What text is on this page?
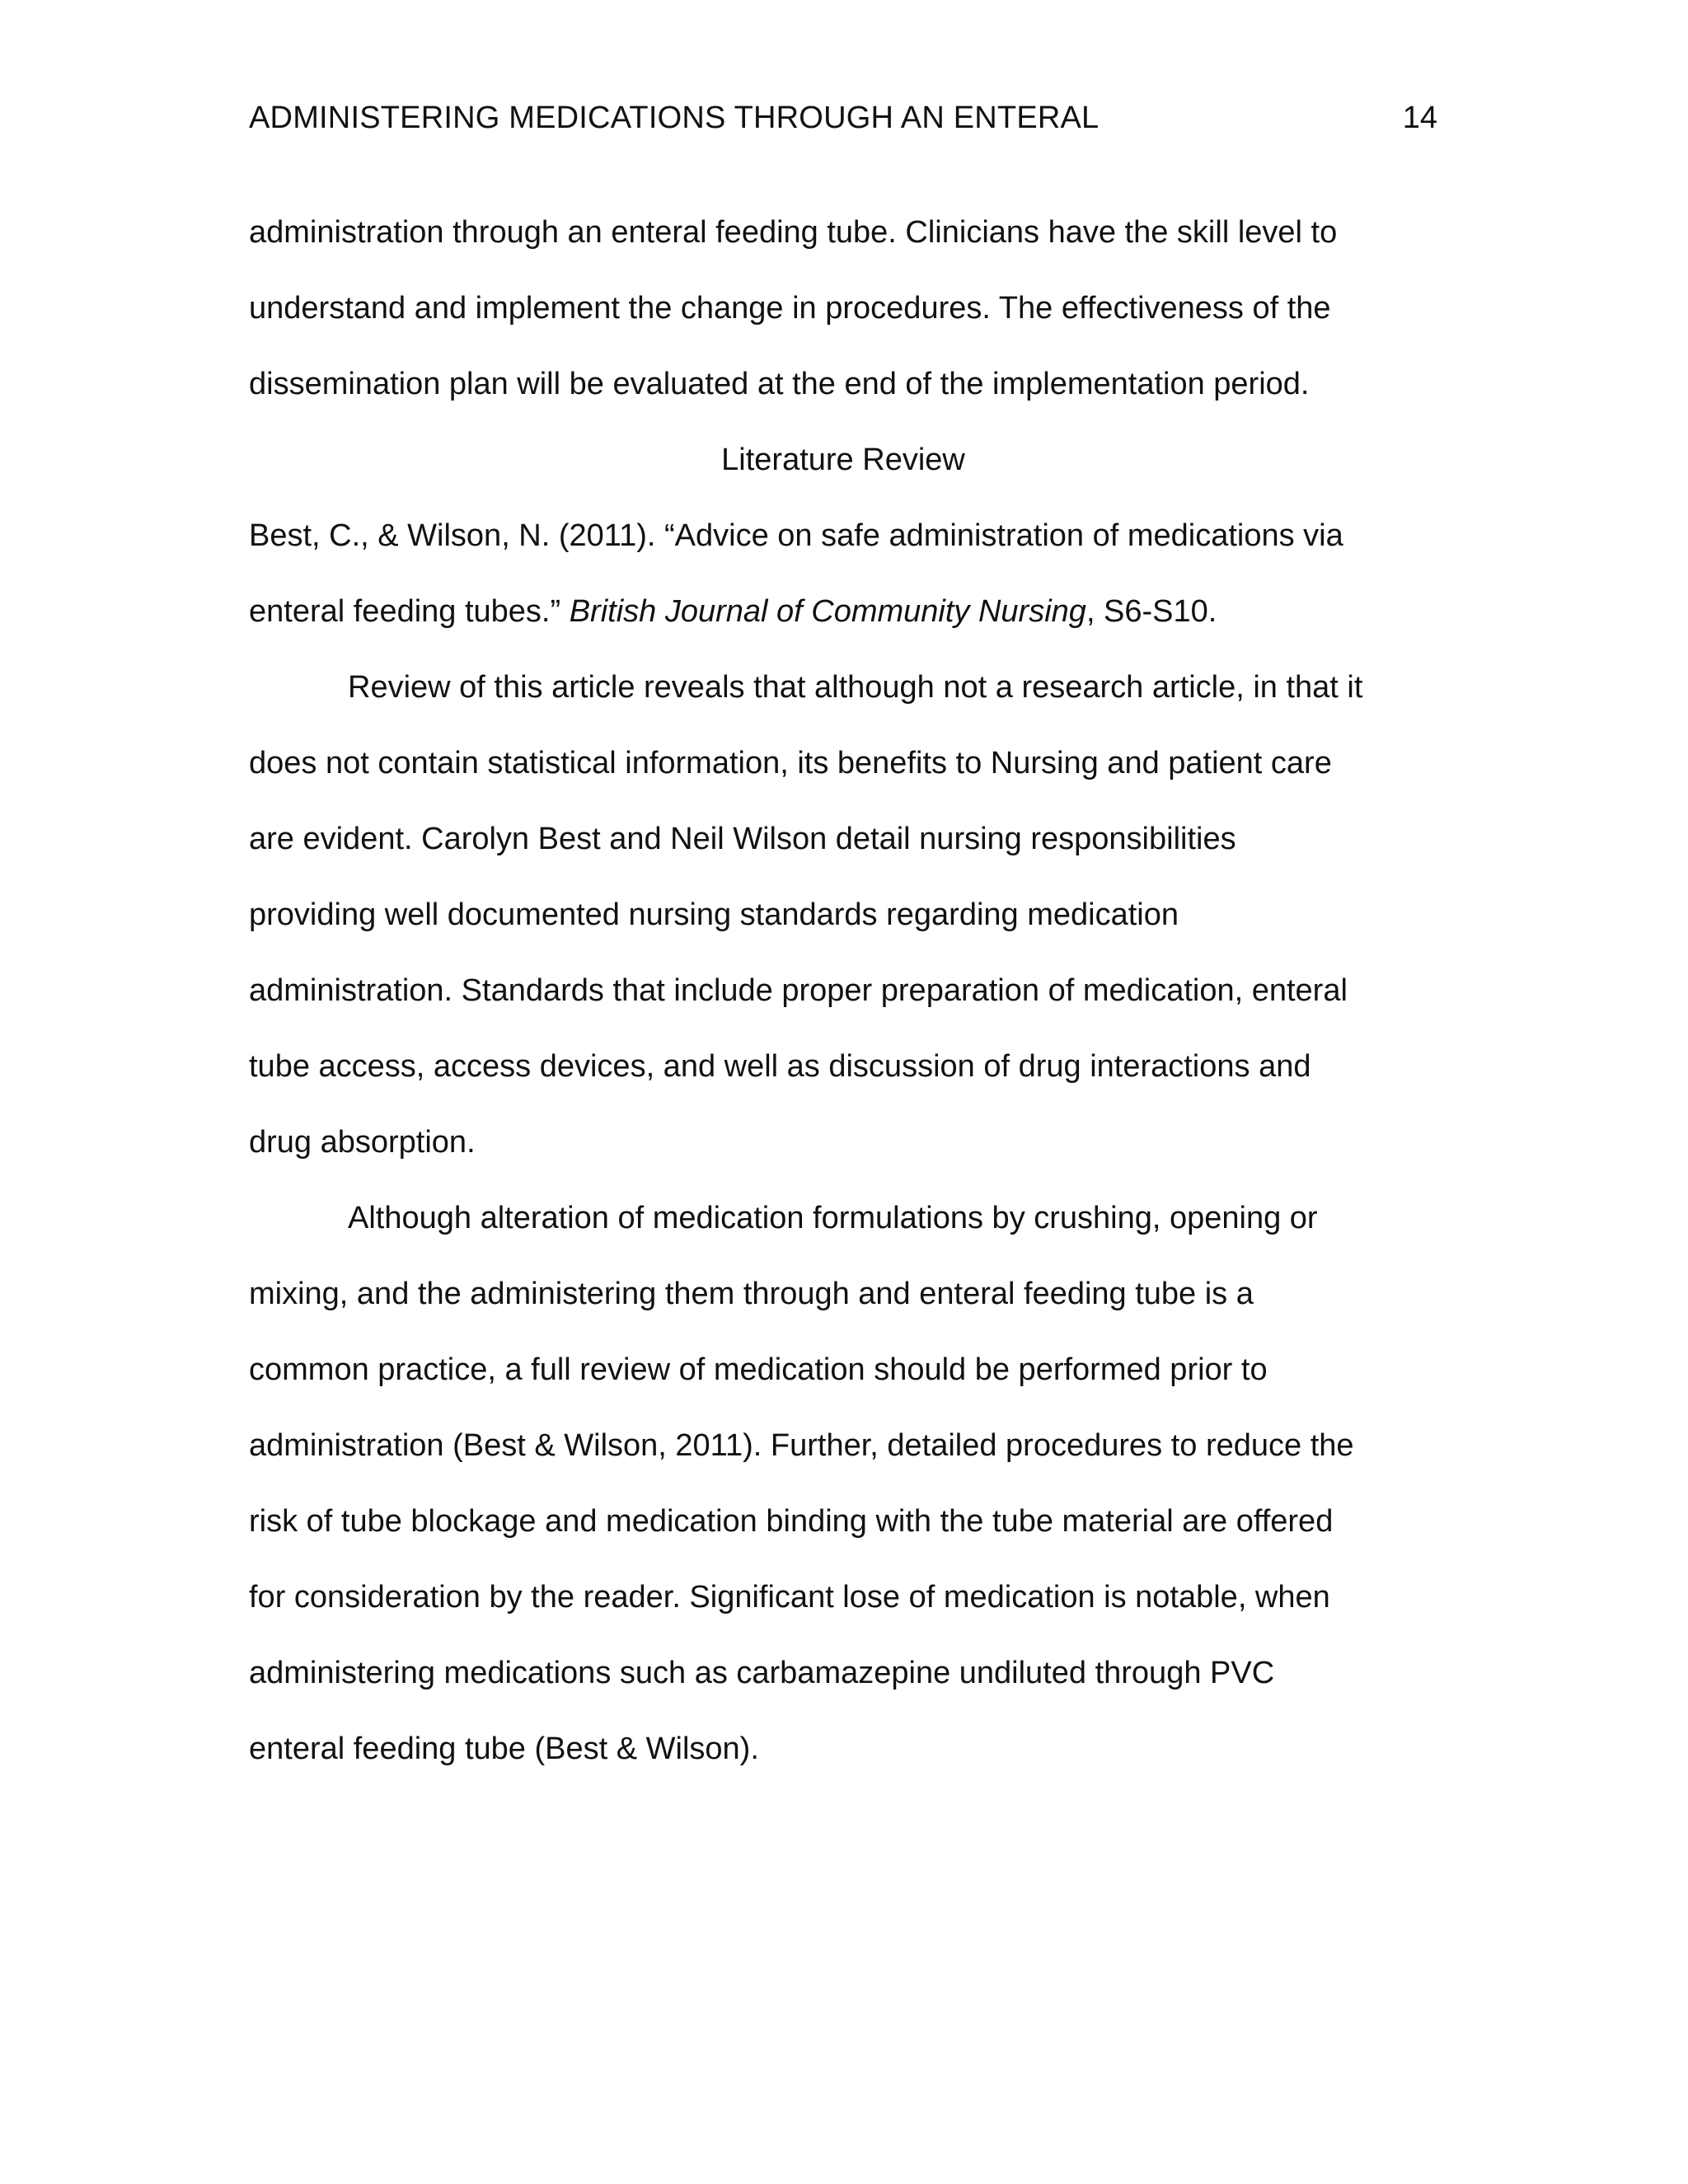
ADMINISTERING MEDICATIONS THROUGH AN ENTERAL	14
administration through an enteral feeding tube. Clinicians have the skill level to
understand and implement the change in procedures. The effectiveness of the
dissemination plan will be evaluated at the end of the implementation period.
Literature Review
Best, C., & Wilson, N. (2011). “Advice on safe administration of medications via
enteral feeding tubes.” British Journal of Community Nursing, S6-S10.
Review of this article reveals that although not a research article, in that it
does not contain statistical information, its benefits to Nursing and patient care
are evident. Carolyn Best and Neil Wilson detail nursing responsibilities
providing well documented nursing standards regarding medication
administration. Standards that include proper preparation of medication, enteral
tube access, access devices, and well as discussion of drug interactions and
drug absorption.
Although alteration of medication formulations by crushing, opening or
mixing, and the administering them through and enteral feeding tube is a
common practice, a full review of medication should be performed prior to
administration (Best & Wilson, 2011). Further, detailed procedures to reduce the
risk of tube blockage and medication binding with the tube material are offered
for consideration by the reader. Significant lose of medication is notable, when
administering medications such as carbamazepine undiluted through PVC
enteral feeding tube (Best & Wilson).
